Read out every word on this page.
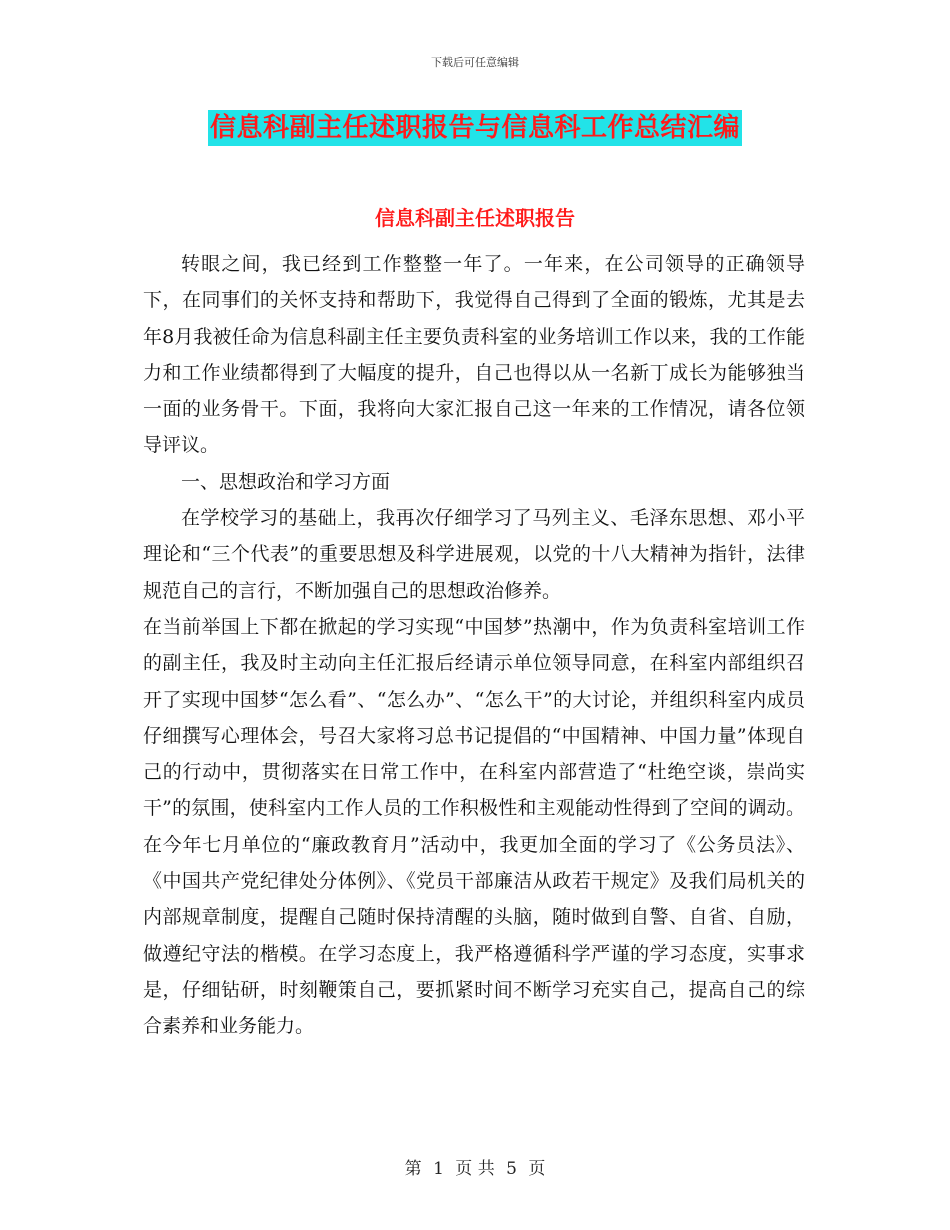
下载后可任意编辑
信息科副主任述职报告与信息科工作总结汇编
信息科副主任述职报告

转眼之间，我已经到工作整整一年了。一年来，在公司领导的正确领导下，在同事们的关怀支持和帮助下，我觉得自己得到了全面的锻炼，尤其是去年8月我被任命为信息科副主任主要负责科室的业务培训工作以来，我的工作能力和工作业绩都得到了大幅度的提升，自己也得以从一名新丁成长为能够独当一面的业务骨干。下面，我将向大家汇报自己这一年来的工作情况，请各位领导评议。

一、思想政治和学习方面

在学校学习的基础上，我再次仔细学习了马列主义、毛泽东思想、邓小平理论和“三个代表”的重要思想及科学进展观，以党的十八大精神为指针，法律规范自己的言行，不断加强自己的思想政治修养。

在当前举国上下都在掀起的学习实现“中国梦”热潮中，作为负责科室培训工作的副主任，我及时主动向主任汇报后经请示单位领导同意，在科室内部组织召开了实现中国梦“怎么看”、“怎么办”、“怎么干”的大讨论，并组织科室内成员仔细撰写心理体会，号召大家将习总书记提倡的“中国精神、中国力量”体现自己的行动中，贯彻落实在日常工作中，在科室内部营造了“杜绝空谈，崇尚实干”的氛围，使科室内工作人员的工作积极性和主观能动性得到了空间的调动。在今年七月单位的“廉政教育月”活动中，我更加全面的学习了《公务员法》、《中国共产党纪律处分体例》、《党员干部廉洁从政若干规定》及我们局机关的内部规章制度，提醒自己随时保持清醒的头脑，随时做到自警、自省、自励，做遵纪守法的楷模。在学习态度上，我严格遵循科学严谨的学习态度，实事求是，仔细钻研，时刻鞭策自己，要抓紧时间不断学习充实自己，提高自己的综合素养和业务能力。

第 1 页 共 5 页
